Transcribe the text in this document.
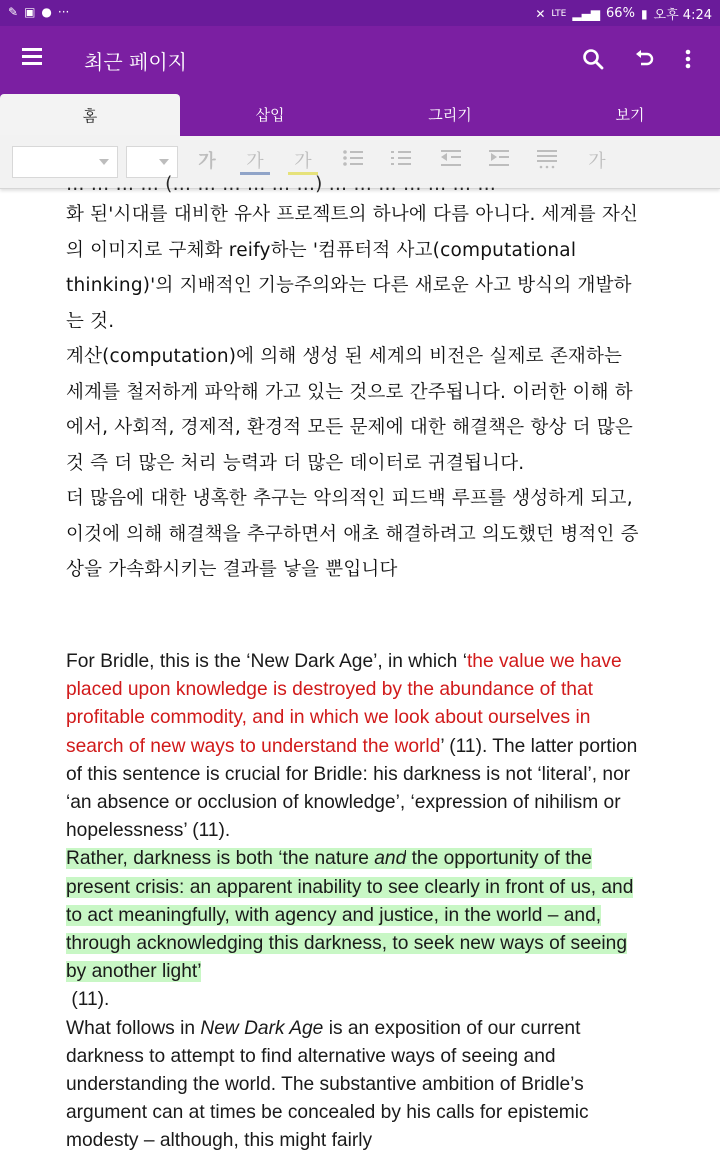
✎ ▣ ● ···	✕ LTE ▂▄▆ 66% ▮ 오후 4:24
최근 페이지
홈	삽입	그리기	보기
가	가	가	가
… … … … (… … … … … …) … … … … … … …

화 된'시대를 대비한 유사 프로젝트의 하나에 다름 아니다. 세계를 자신의 이미지로 구체화 reify하는 '컴퓨터적 사고(computational thinking)'의 지배적인 기능주의와는 다른 새로운 사고 방식의 개발하는 것.

계산(computation)에 의해 생성 된 세계의 비전은 실제로 존재하는 세계를 철저하게 파악해 가고 있는 것으로 간주됩니다. 이러한 이해 하에서, 사회적, 경제적, 환경적 모든 문제에 대한 해결책은 항상 더 많은 것 즉 더 많은 처리 능력과 더 많은 데이터로 귀결됩니다.

더 많음에 대한 냉혹한 추구는 악의적인 피드백 루프를 생성하게 되고, 이것에 의해 해결책을 추구하면서 애초 해결하려고 의도했던 병적인 증상을 가속화시키는 결과를 낳을 뿐입니다

For Bridle, this is the ‘New Dark Age’, in which ‘the value we have placed upon knowledge is destroyed by the abundance of that profitable commodity, and in which we look about ourselves in search of new ways to understand the world’ (11). The latter portion of this sentence is crucial for Bridle: his darkness is not ‘literal’, nor ‘an absence or occlusion of knowledge’, ‘expression of nihilism or hopelessness’ (11).

Rather, darkness is both ‘the nature and the opportunity of the present crisis: an apparent inability to see clearly in front of us, and to act meaningfully, with agency and justice, in the world – and, through acknowledging this darkness, to seek new ways of seeing by another light’

(11).

What follows in New Dark Age is an exposition of our current darkness to attempt to find alternative ways of seeing and understanding the world. The substantive ambition of Bridle’s argument can at times be concealed by his calls for epistemic modesty – although, this might fairly
